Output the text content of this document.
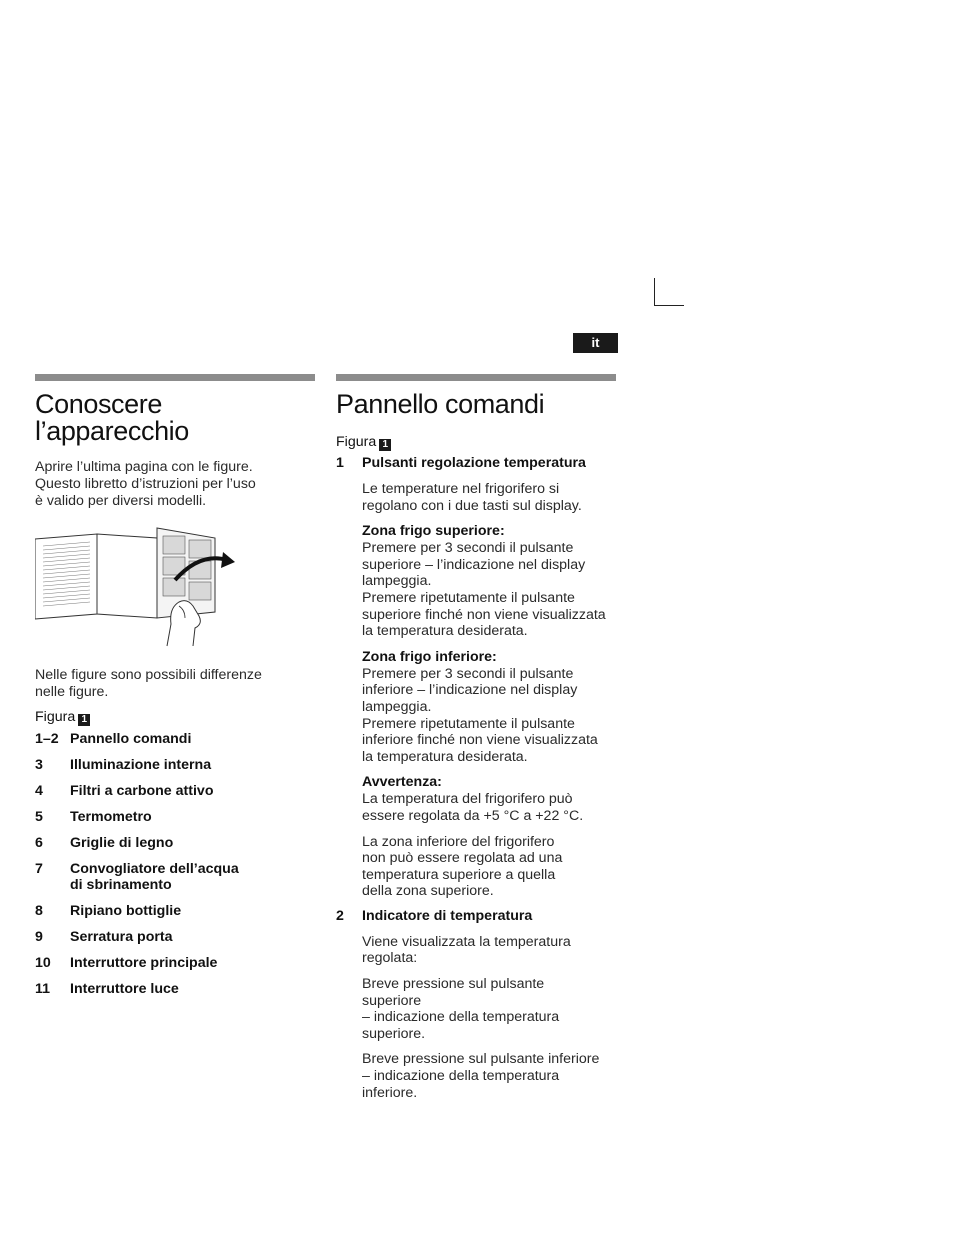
it
Conoscere
l’apparecchio
Aprire l’ultima pagina con le figure.
Questo libretto d’istruzioni per l’uso
è valido per diversi modelli.
Nelle figure sono possibili differenze
nelle figure.
Figura 1
1–2 Pannello comandi
3	Illuminazione interna
4	Filtri a carbone attivo
5	Termometro
6	Griglie di legno
7	Convogliatore dell’acqua
di sbrinamento
8	Ripiano bottiglie
9	Serratura porta
10	Interruttore principale
11	Interruttore luce
Pannello comandi
Figura 1
1	Pulsanti regolazione temperatura
Le temperature nel frigorifero si
regolano con i due tasti sul display.
Zona frigo superiore:
Premere per 3 secondi il pulsante
superiore – l’indicazione nel display
lampeggia.
Premere ripetutamente il pulsante
superiore finché non viene visualizzata
la temperatura desiderata.
Zona frigo inferiore:
Premere per 3 secondi il pulsante
inferiore – l’indicazione nel display
lampeggia.
Premere ripetutamente il pulsante
inferiore finché non viene visualizzata
la temperatura desiderata.
Avvertenza:
La temperatura del frigorifero può
essere regolata da +5 °C a +22 °C.
La zona inferiore del frigorifero
non può essere regolata ad una
temperatura superiore a quella
della zona superiore.
2	Indicatore di temperatura
Viene visualizzata la temperatura
regolata:
Breve pressione sul pulsante
superiore
– indicazione della temperatura
superiore.
Breve pressione sul pulsante inferiore
– indicazione della temperatura
inferiore.
